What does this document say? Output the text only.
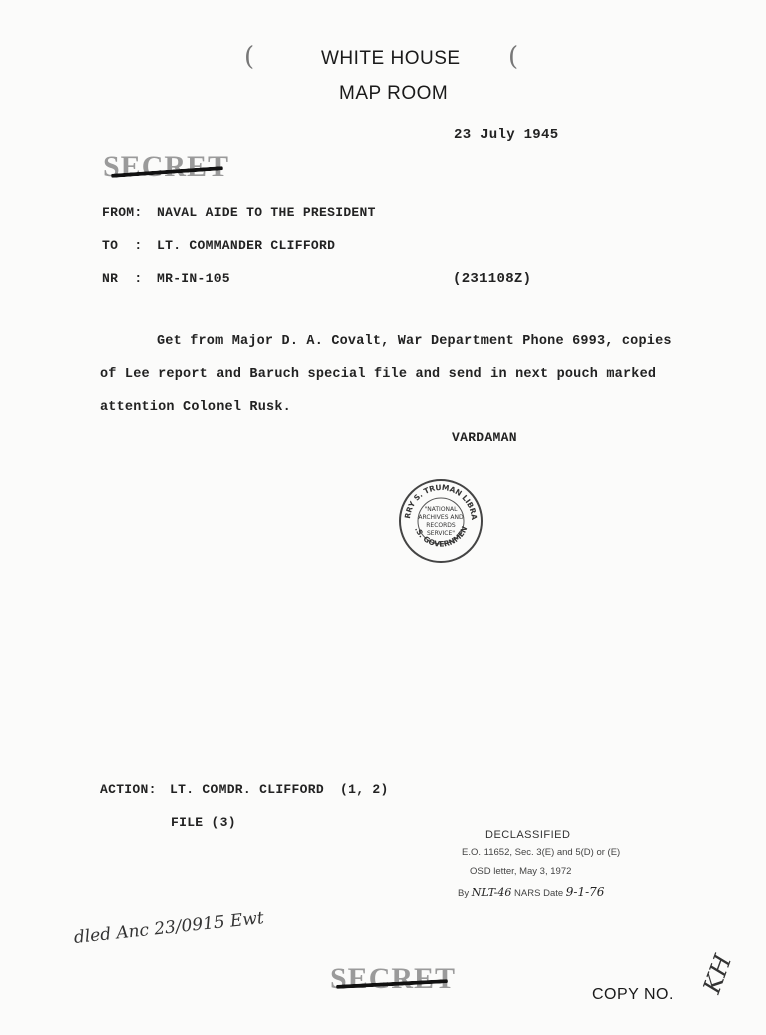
(	(
WHITE HOUSE
MAP ROOM
23 July 1945
SECRET
FROM: NAVAL AIDE TO THE PRESIDENT
TO  : LT. COMMANDER CLIFFORD
NR  : MR-IN-105	(231108Z)
Get from Major D. A. Covalt, War Department Phone 6993, copies
of Lee report and Baruch special file and send in next pouch marked
attention Colonel Rusk.
VARDAMAN
RRY S. TRUMAN LIBRA
.S. GOVERNMEN
"NATIONAL
ARCHIVES AND
RECORDS
SERVICE"
ACTION: LT. COMDR. CLIFFORD (1, 2)
FILE (3)
DECLASSIFIED
E.O. 11652, Sec. 3(E) and 5(D) or (E)
OSD letter, May 3, 1972
By NLT-46 NARS Date 9-1-76
dled Anc 23/0915 Ewt
SECRET	COPY NO. KH
